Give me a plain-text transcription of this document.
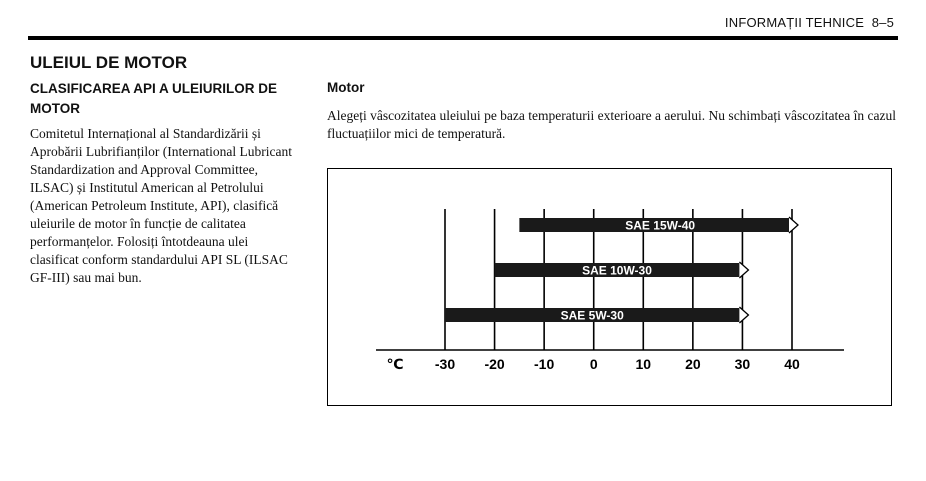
INFORMAȚII TEHNICE 8–5
ULEIUL DE MOTOR
CLASIFICAREA API A ULEIURILOR DE MOTOR
Comitetul Internațional al Standardizării și Aprobării Lubrifianților (International Lubricant Standardization and Approval Committee, ILSAC) și Institutul American al Petrolului (American Petroleum Institute, API), clasifică uleiurile de motor în funcție de calitatea performanțelor. Folosiți întotdeauna ulei clasificat conform standardului API SL (ILSAC GF-III) sau mai bun.
Motor
Alegeți vâscozitatea uleiului pe baza temperaturii exterioare a aerului. Nu schimbați vâscozitatea în cazul fluctuațiilor mici de temperatură.
SAE 15W-40
SAE 10W-30
SAE 5W-30
-30 -20 -10	0	10 20 30 40
℃
